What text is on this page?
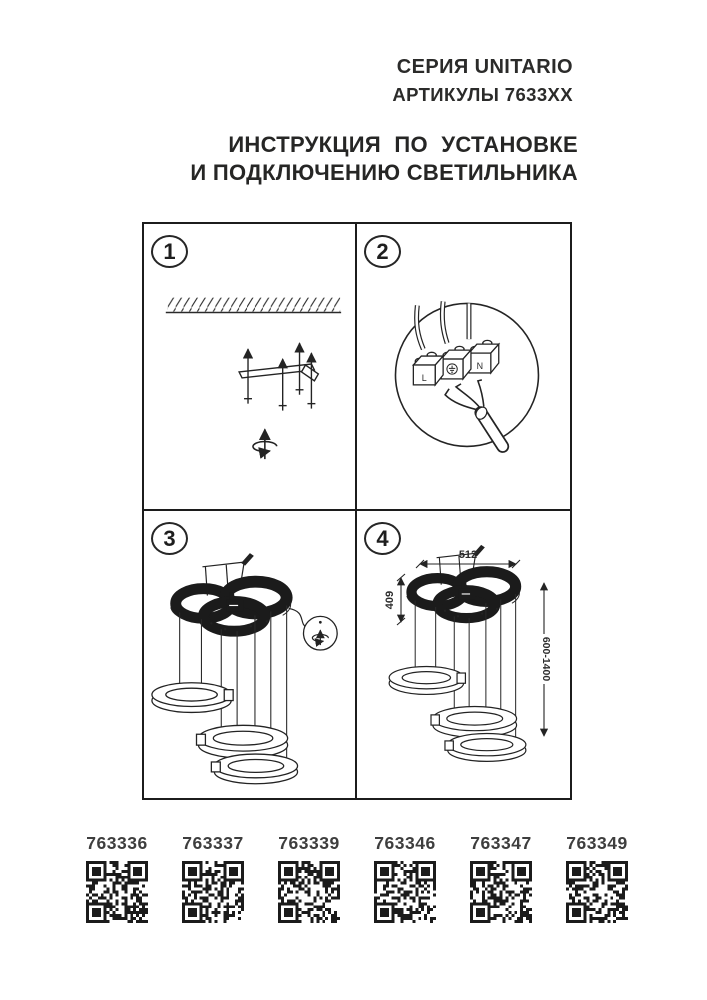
СЕРИЯ UNITARIO
АРТИКУЛЫ 7633ХХ
ИНСТРУКЦИЯ ПО УСТАНОВКЕ
И ПОДКЛЮЧЕНИЮ СВЕТИЛЬНИКА
1	2
N
L
3	4
512
409
600-1400
763336	763337	763339	763346	763347	763349
